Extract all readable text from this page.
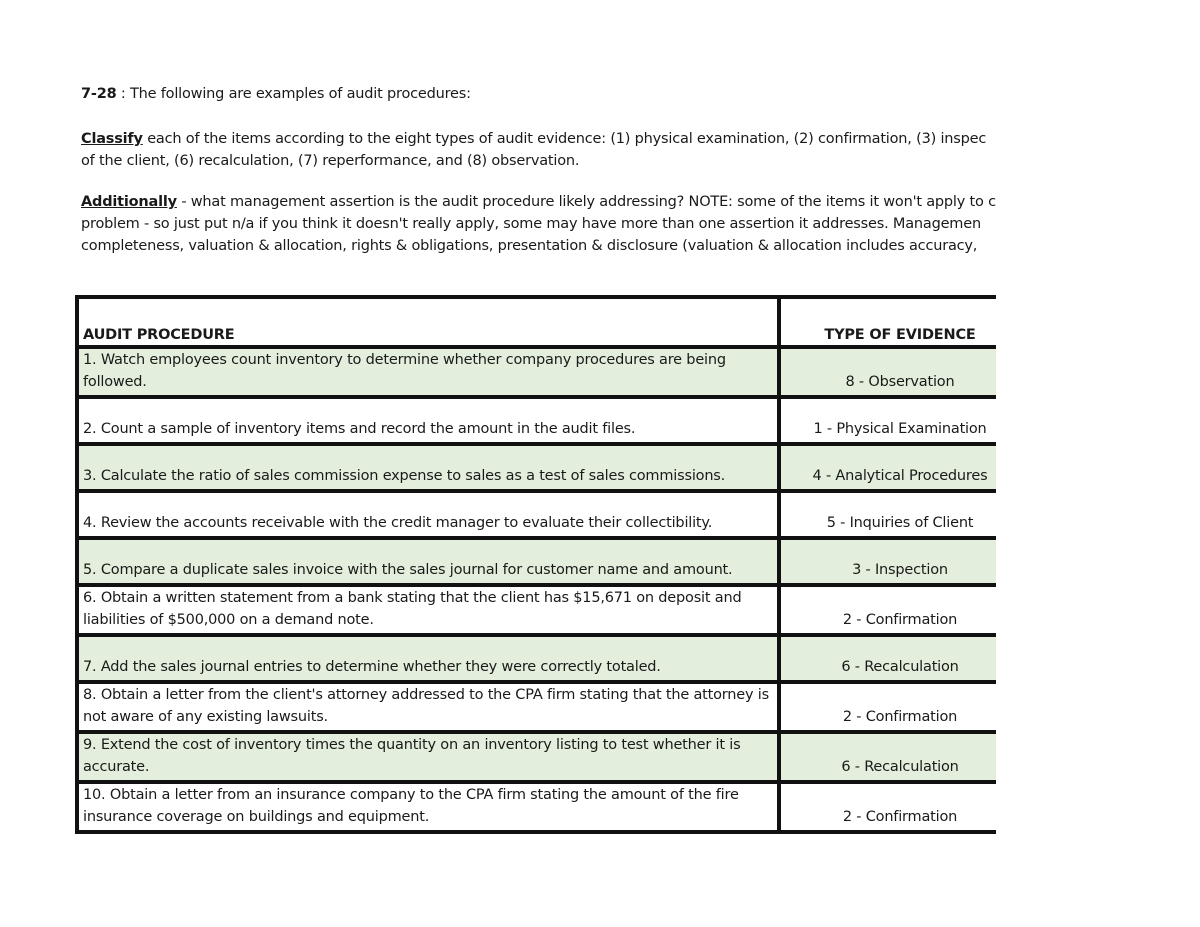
7-28 : The following are examples of audit procedures:
Classify each of the items according to the eight types of audit evidence: (1) physical examination, (2) confirmation, (3) inspec
of the client, (6) recalculation, (7) reperformance, and (8) observation.
Additionally - what management assertion is the audit procedure likely addressing? NOTE: some of the items it won't apply to c
problem - so just put n/a if you think it doesn't really apply, some may have more than one assertion it addresses. Managemen
completeness, valuation & allocation, rights & obligations, presentation & disclosure (valuation & allocation includes accuracy,
AUDIT PROCEDURE	TYPE OF EVIDENCE
1. Watch employees count inventory to determine whether company procedures are being followed.	8 - Observation
2. Count a sample of inventory items and record the amount in the audit files.	1 - Physical Examination
3. Calculate the ratio of sales commission expense to sales as a test of sales commissions.	4 - Analytical Procedures
4. Review the accounts receivable with the credit manager to evaluate their collectibility.	5 - Inquiries of Client
5. Compare a duplicate sales invoice with the sales journal for customer name and amount.	3 - Inspection
6. Obtain a written statement from a bank stating that the client has $15,671 on deposit and liabilities of $500,000 on a demand note.	2 - Confirmation
7. Add the sales journal entries to determine whether they were correctly totaled.	6 - Recalculation
8. Obtain a letter from the client's attorney addressed to the CPA firm stating that the attorney is not aware of any existing lawsuits.	2 - Confirmation
9. Extend the cost of inventory times the quantity on an inventory listing to test whether it is accurate.	6 - Recalculation
10. Obtain a letter from an insurance company to the CPA firm stating the amount of the fire insurance coverage on buildings and equipment.	2 - Confirmation
